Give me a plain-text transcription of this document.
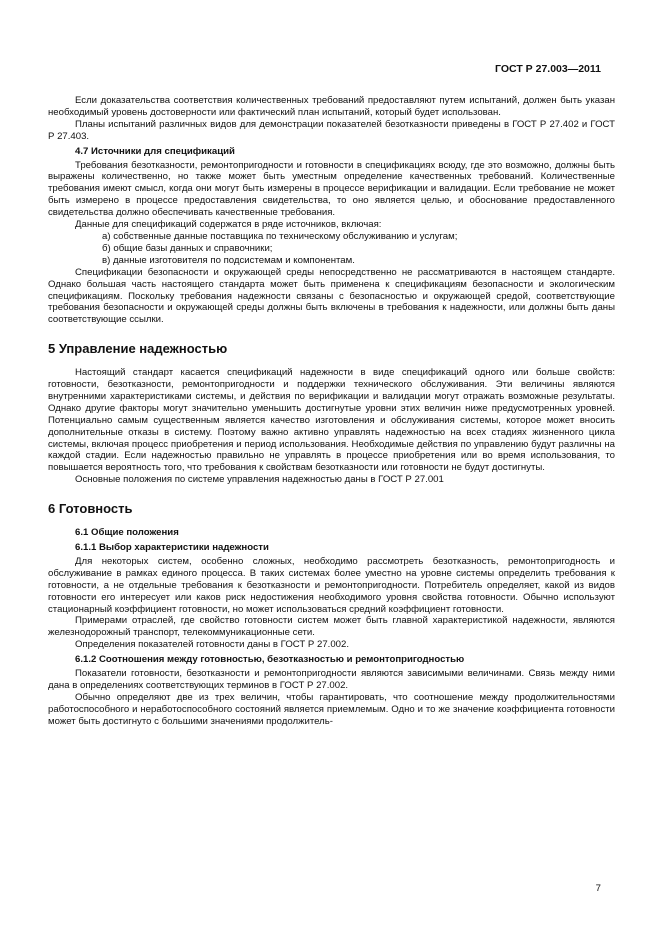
ГОСТ Р 27.003—2011

Если доказательства соответствия количественных требований предоставляют путем испытаний, должен быть указан необходимый уровень достоверности или фактический план испытаний, который будет использован.

Планы испытаний различных видов для демонстрации показателей безотказности приведены в ГОСТ Р 27.402 и ГОСТ Р 27.403.

4.7 Источники для спецификаций

Требования безотказности, ремонтопригодности и готовности в спецификациях всюду, где это возможно, должны быть выражены количественно, но также может быть уместным определение качественных требований. Количественные требования имеют смысл, когда они могут быть измерены в процессе верификации и валидации. Если требование не может быть измерено в процессе предоставления свидетельства, то оно является целью, и обоснование предоставленного свидетельства должно обеспечивать качественные требования.

Данные для спецификаций содержатся в ряде источников, включая:

а) собственные данные поставщика по техническому обслуживанию и услугам;

б) общие базы данных и справочники;

в) данные изготовителя по подсистемам и компонентам.

Спецификации безопасности и окружающей среды непосредственно не рассматриваются в настоящем стандарте. Однако большая часть настоящего стандарта может быть применена к спецификациям безопасности и экологическим спецификациям. Поскольку требования надежности связаны с безопасностью и окружающей средой, соответствующие требования безопасности и окружающей среды должны быть включены в требования к надежности, или должны быть даны соответствующие ссылки.

5 Управление надежностью

Настоящий стандарт касается спецификаций надежности в виде спецификаций одного или больше свойств: готовности, безотказности, ремонтопригодности и поддержки технического обслуживания. Эти величины являются внутренними характеристиками системы, и действия по верификации и валидации могут отражать возможные результаты. Однако другие факторы могут значительно уменьшить достигнутые уровни этих величин ниже предусмотренных уровней. Потенциально самым существенным является качество изготовления и обслуживания системы, которое может вносить дополнительные отказы в систему. Поэтому важно активно управлять надежностью на всех стадиях жизненного цикла системы, включая процесс приобретения и период использования. Необходимые действия по управлению будут различны на каждой стадии. Если надежностью правильно не управлять в процессе приобретения или во время использования, то повышается вероятность того, что требования к свойствам безотказности или готовности не будут достигнуты.

Основные положения по системе управления надежностью даны в ГОСТ Р 27.001

6 Готовность
6.1 Общие положения
6.1.1 Выбор характеристики надежности

Для некоторых систем, особенно сложных, необходимо рассмотреть безотказность, ремонтопригодность и обслуживание в рамках единого процесса. В таких системах более уместно на уровне системы определить требования к готовности, а не отдельные требования к безотказности и ремонтопригодности. Потребитель определяет, какой из видов готовности его интересует или каков риск недостижения необходимого уровня свойства готовности. Обычно используют стационарный коэффициент готовности, но может использоваться средний коэффициент готовности.

Примерами отраслей, где свойство готовности систем может быть главной характеристикой надежности, являются железнодорожный транспорт, телекоммуникационные сети.

Определения показателей готовности даны в ГОСТ Р 27.002.

6.1.2 Соотношения между готовностью, безотказностью и ремонтопригодностью

Показатели готовности, безотказности и ремонтопригодности являются зависимыми величинами. Связь между ними дана в определениях соответствующих терминов в ГОСТ Р 27.002.

Обычно определяют две из трех величин, чтобы гарантировать, что соотношение между продолжительностями работоспособного и неработоспособного состояний является приемлемым. Одно и то же значение коэффициента готовности может быть достигнуто с большими значениями продолжитель-

7
